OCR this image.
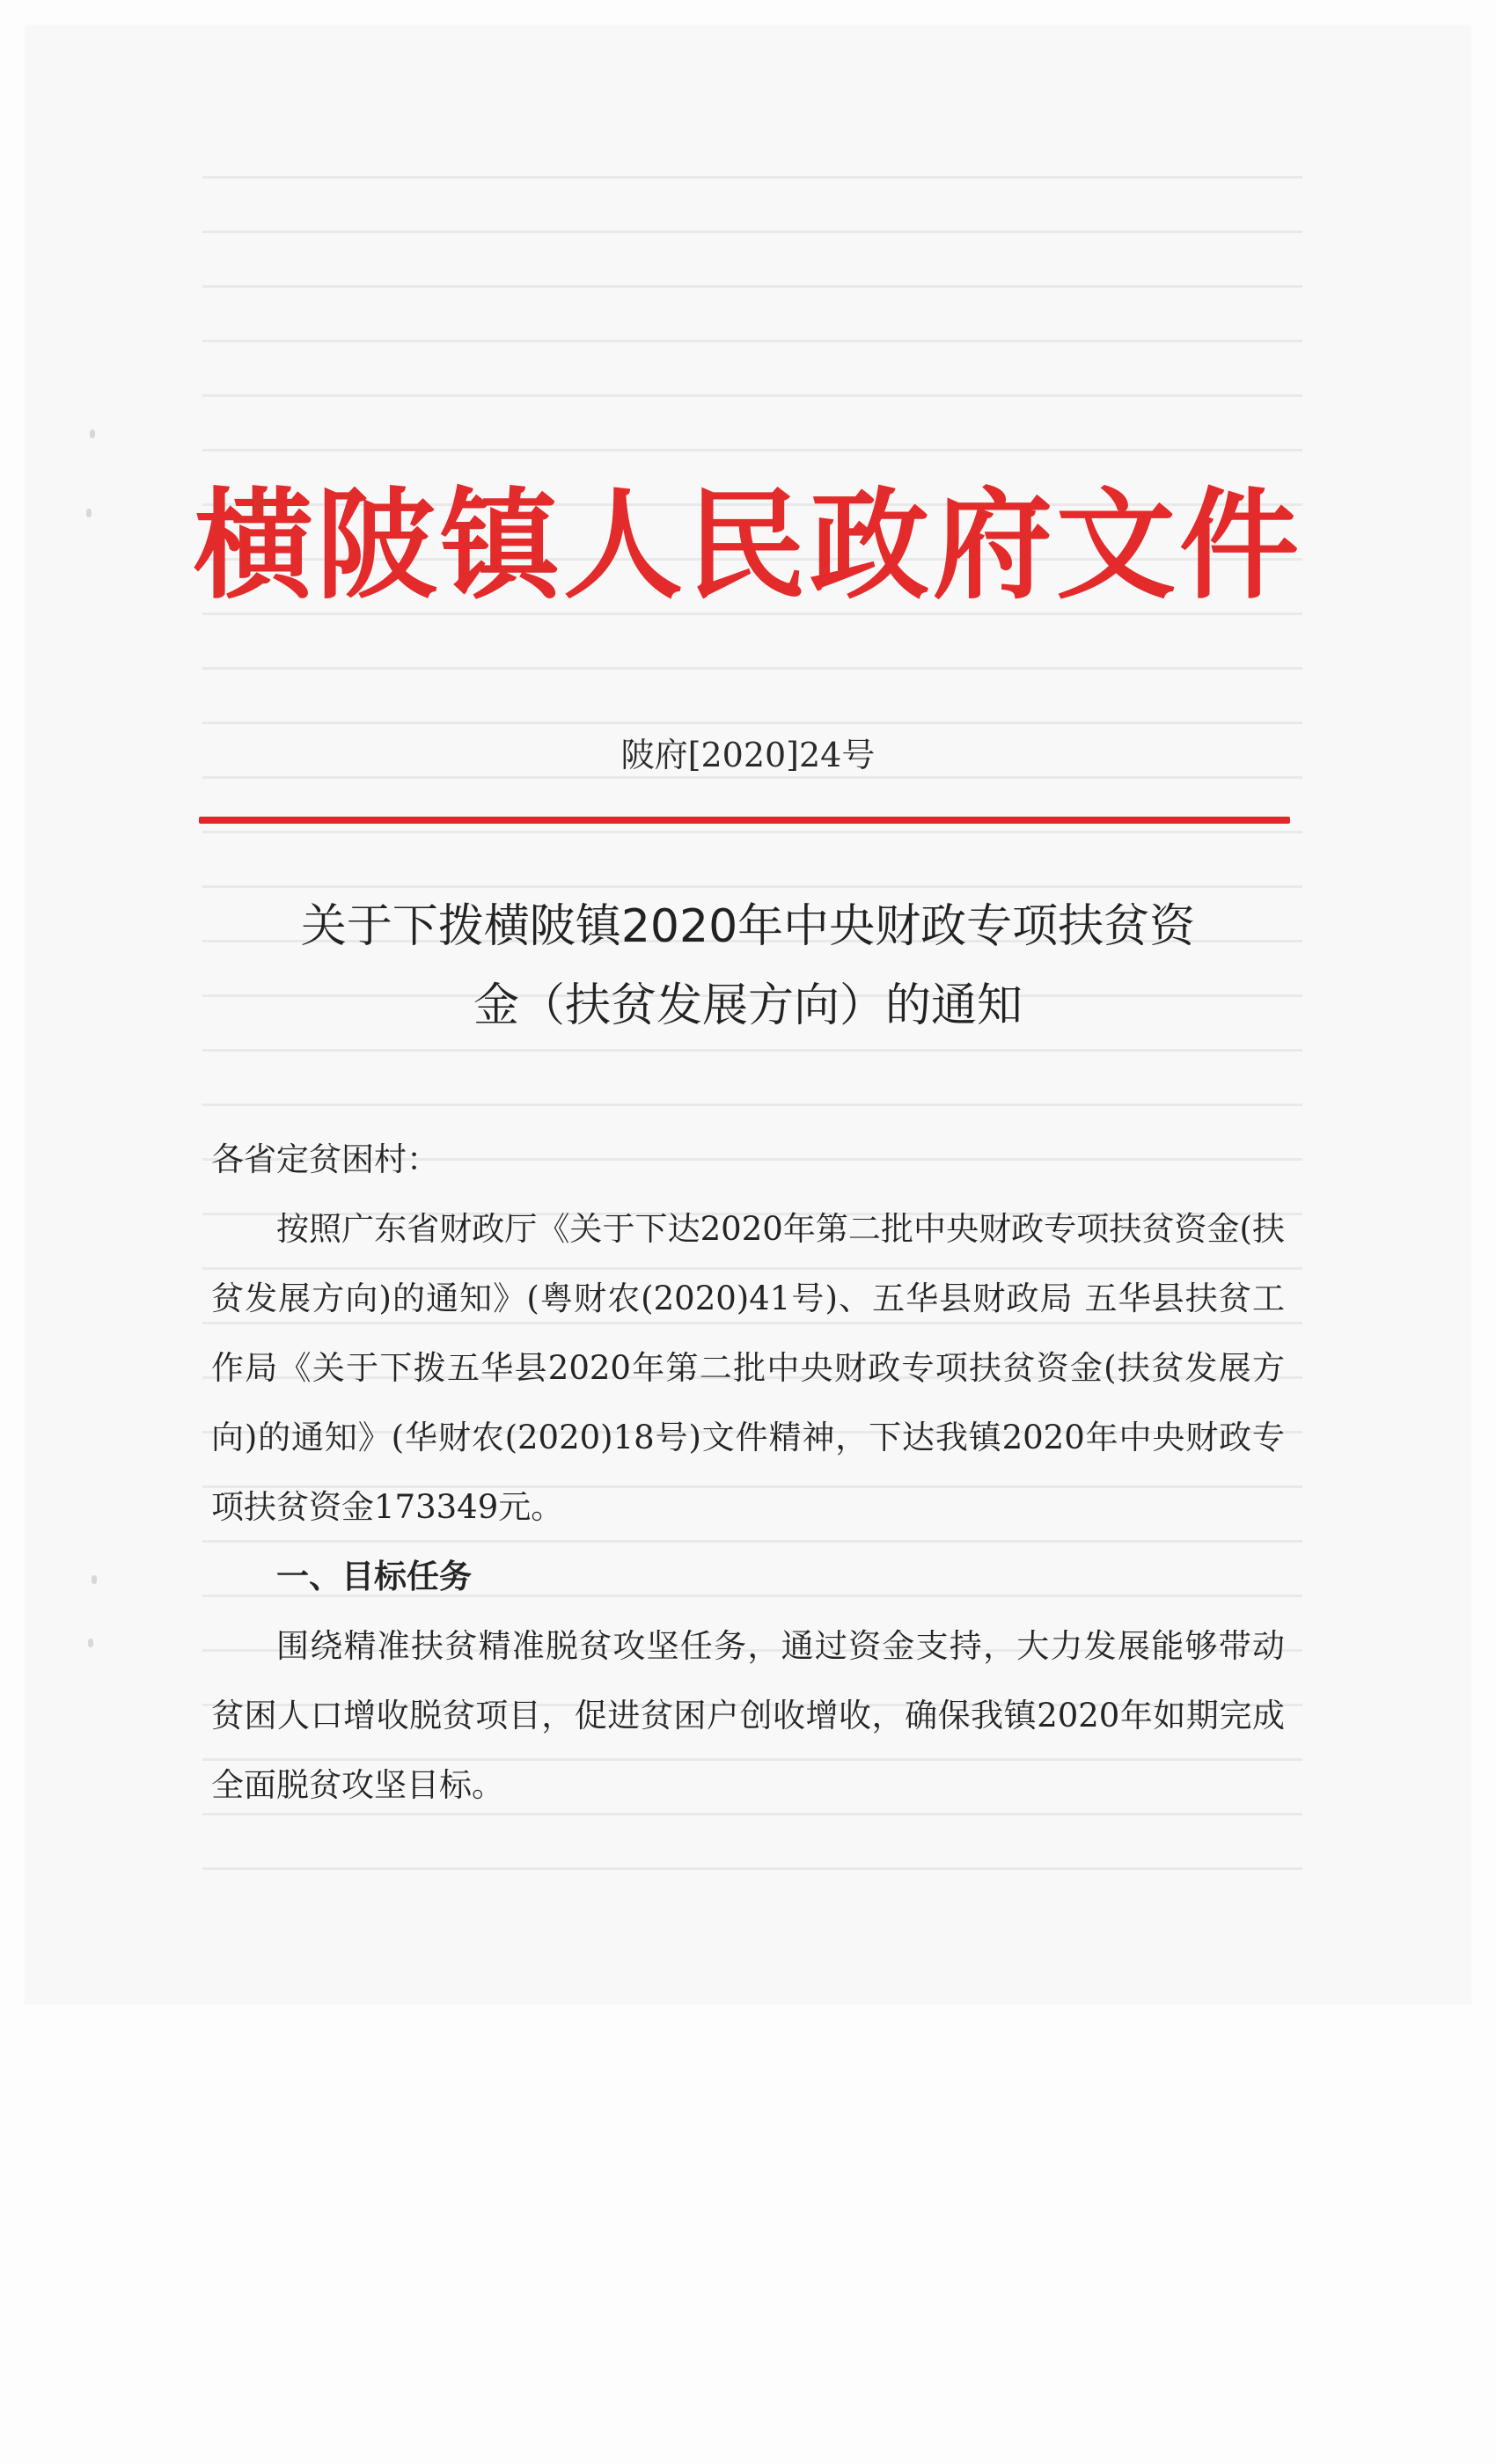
横陂镇人民政府文件
陂府[2020]24号
关于下拨横陂镇2020年中央财政专项扶贫资
金（扶贫发展方向）的通知
各省定贫困村：
按照广东省财政厅《关于下达2020年第二批中央财政专项扶贫资金(扶贫发展方向)的通知》(粤财农(2020)41号)、五华县财政局 五华县扶贫工作局《关于下拨五华县2020年第二批中央财政专项扶贫资金(扶贫发展方向)的通知》(华财农(2020)18号)文件精神，下达我镇2020年中央财政专项扶贫资金173349元。
一、目标任务
围绕精准扶贫精准脱贫攻坚任务，通过资金支持，大力发展能够带动贫困人口增收脱贫项目，促进贫困户创收增收，确保我镇2020年如期完成全面脱贫攻坚目标。
